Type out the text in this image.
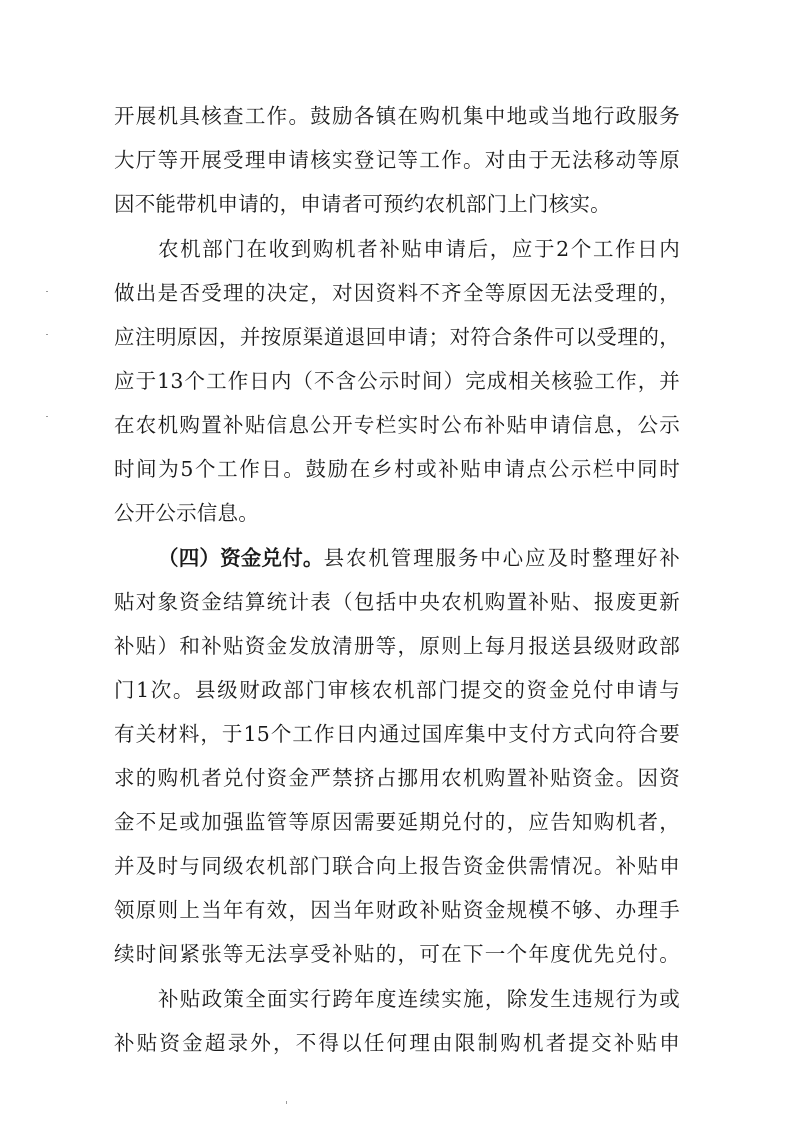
开展机具核查工作。鼓励各镇在购机集中地或当地行政服务
大厅等开展受理申请核实登记等工作。对由于无法移动等原
因不能带机申请的，申请者可预约农机部门上门核实。
农机部门在收到购机者补贴申请后，应于2个工作日内
做出是否受理的决定，对因资料不齐全等原因无法受理的，
应注明原因，并按原渠道退回申请；对符合条件可以受理的，
应于13个工作日内（不含公示时间）完成相关核验工作，并
在农机购置补贴信息公开专栏实时公布补贴申请信息，公示
时间为5个工作日。鼓励在乡村或补贴申请点公示栏中同时
公开公示信息。
（四）资金兑付。 县农机管理服务中心应及时整理好补
贴对象资金结算统计表（包括中央农机购置补贴、报废更新
补贴）和补贴资金发放清册等，原则上每月报送县级财政部
门1次。县级财政部门审核农机部门提交的资金兑付申请与
有关材料，于15个工作日内通过国库集中支付方式向符合要
求的购机者兑付资金严禁挤占挪用农机购置补贴资金。因资
金不足或加强监管等原因需要延期兑付的，应告知购机者，
并及时与同级农机部门联合向上报告资金供需情况。补贴申
领原则上当年有效，因当年财政补贴资金规模不够、办理手
续时间紧张等无法享受补贴的，可在下一个年度优先兑付。
补贴政策全面实行跨年度连续实施，除发生违规行为或
补贴资金超录外，不得以任何理由限制购机者提交补贴申
